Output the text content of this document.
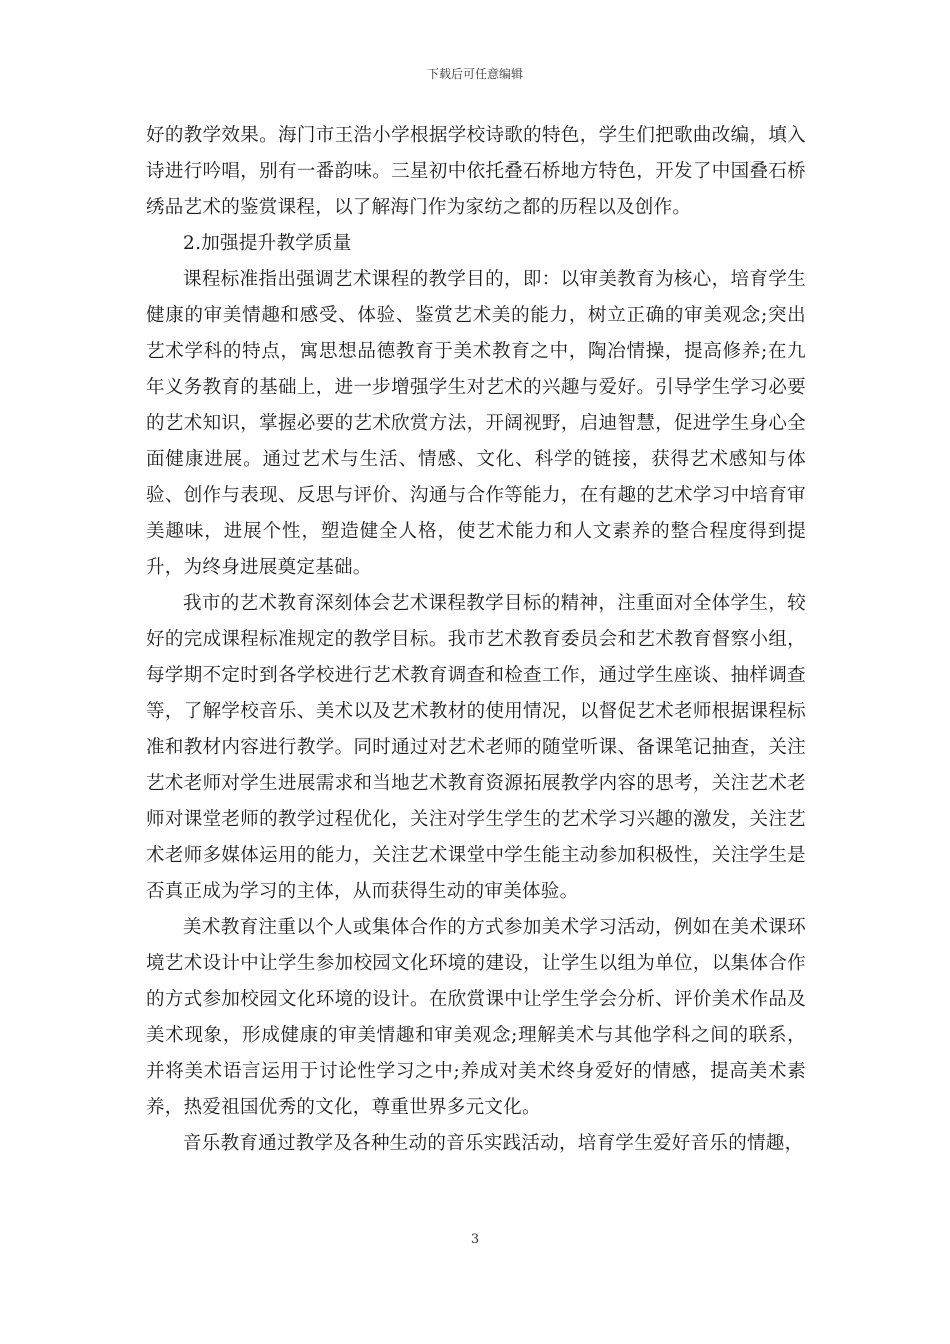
下载后可任意编辑

好的教学效果。海门市王浩小学根据学校诗歌的特色，学生们把歌曲改编，填入诗进行吟唱，别有一番韵味。三星初中依托叠石桥地方特色，开发了中国叠石桥绣品艺术的鉴赏课程，以了解海门作为家纺之都的历程以及创作。

2.加强提升教学质量

课程标准指出强调艺术课程的教学目的，即：以审美教育为核心，培育学生健康的审美情趣和感受、体验、鉴赏艺术美的能力，树立正确的审美观念;突出艺术学科的特点，寓思想品德教育于美术教育之中，陶冶情操，提高修养;在九年义务教育的基础上，进一步增强学生对艺术的兴趣与爱好。引导学生学习必要的艺术知识，掌握必要的艺术欣赏方法，开阔视野，启迪智慧，促进学生身心全面健康进展。通过艺术与生活、情感、文化、科学的链接，获得艺术感知与体验、创作与表现、反思与评价、沟通与合作等能力，在有趣的艺术学习中培育审美趣味，进展个性，塑造健全人格，使艺术能力和人文素养的整合程度得到提升，为终身进展奠定基础。

我市的艺术教育深刻体会艺术课程教学目标的精神，注重面对全体学生，较好的完成课程标准规定的教学目标。我市艺术教育委员会和艺术教育督察小组，每学期不定时到各学校进行艺术教育调查和检查工作，通过学生座谈、抽样调查等，了解学校音乐、美术以及艺术教材的使用情况，以督促艺术老师根据课程标准和教材内容进行教学。同时通过对艺术老师的随堂听课、备课笔记抽查，关注艺术老师对学生进展需求和当地艺术教育资源拓展教学内容的思考，关注艺术老师对课堂老师的教学过程优化，关注对学生学生的艺术学习兴趣的激发，关注艺术老师多媒体运用的能力，关注艺术课堂中学生能主动参加积极性，关注学生是否真正成为学习的主体，从而获得生动的审美体验。

美术教育注重以个人或集体合作的方式参加美术学习活动，例如在美术课环境艺术设计中让学生参加校园文化环境的建设，让学生以组为单位，以集体合作的方式参加校园文化环境的设计。在欣赏课中让学生学会分析、评价美术作品及美术现象，形成健康的审美情趣和审美观念;理解美术与其他学科之间的联系，并将美术语言运用于讨论性学习之中;养成对美术终身爱好的情感，提高美术素养，热爱祖国优秀的文化，尊重世界多元文化。

音乐教育通过教学及各种生动的音乐实践活动，培育学生爱好音乐的情趣，

3
